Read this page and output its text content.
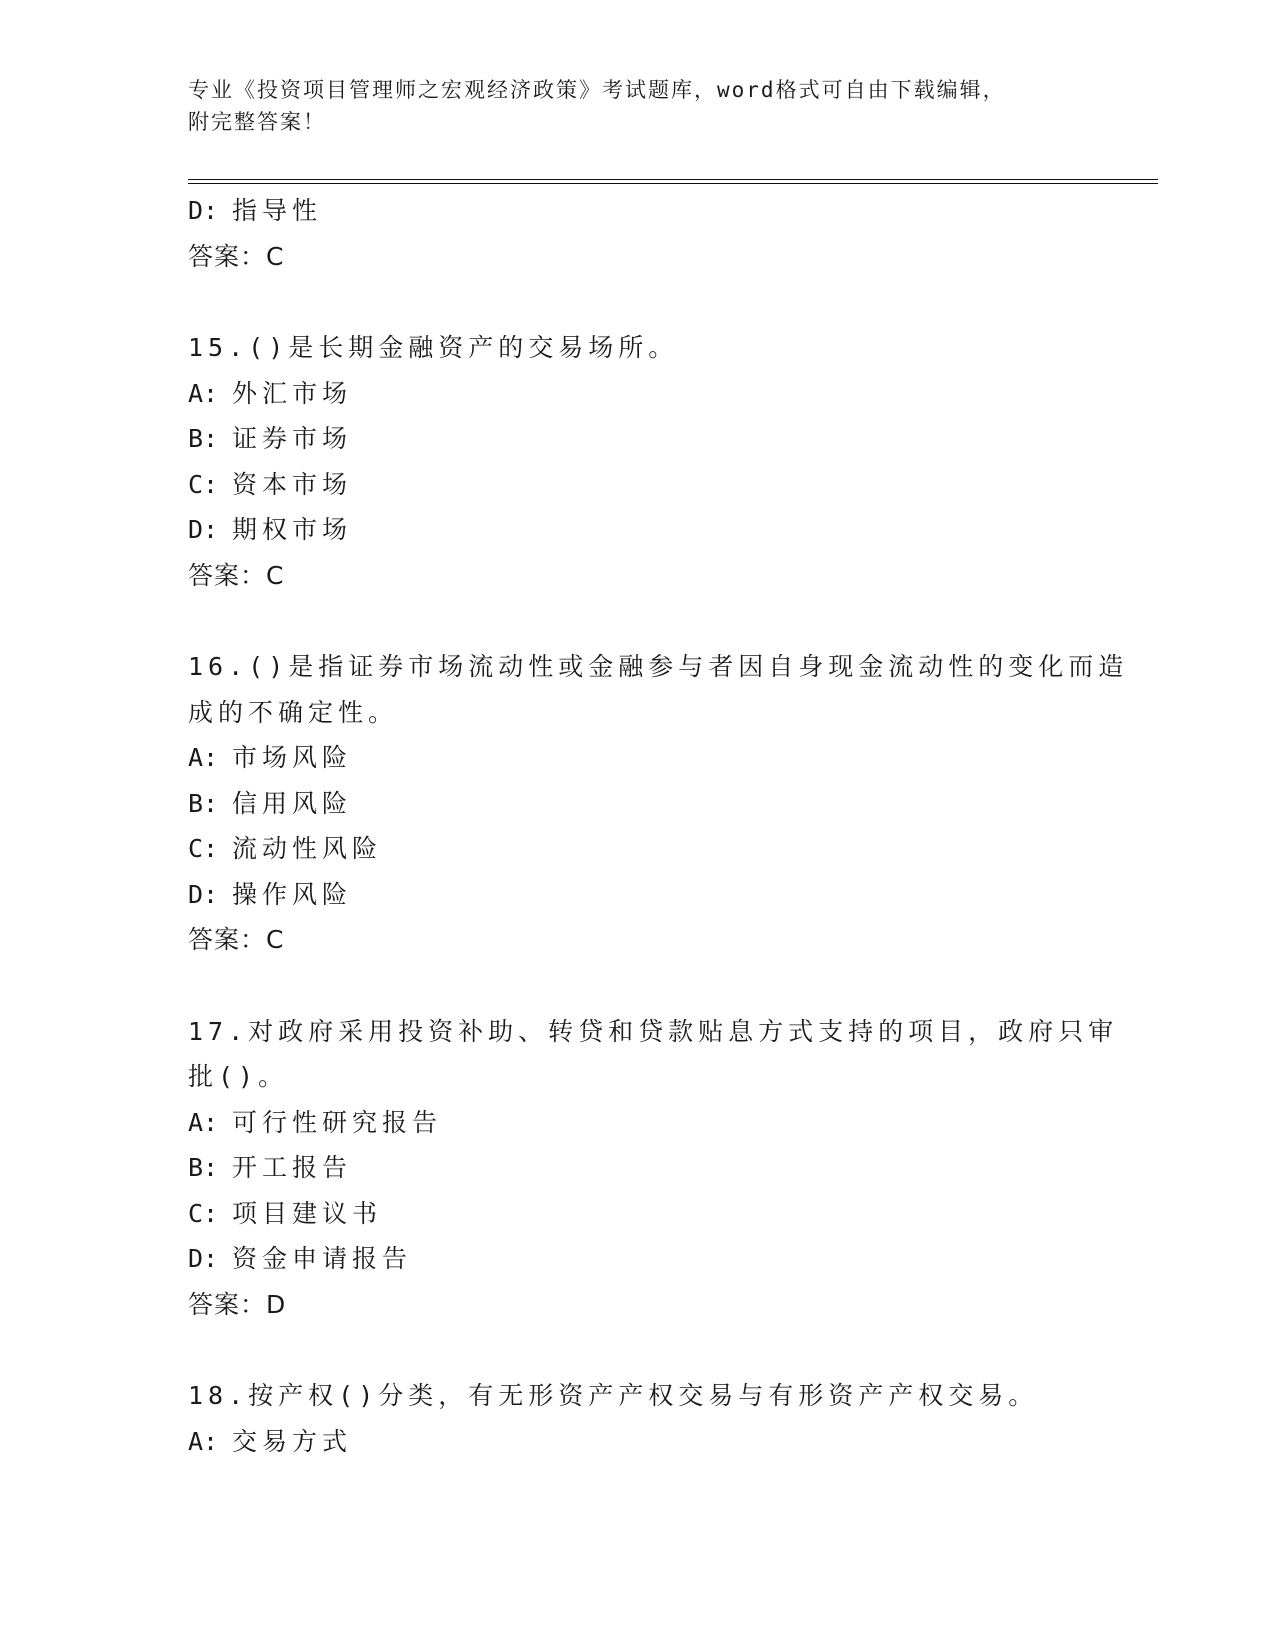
专业《投资项目管理师之宏观经济政策》考试题库，word格式可自由下载编辑，
附完整答案！
D: 指导性
答案：C
15.()是长期金融资产的交易场所。
A: 外汇市场
B: 证券市场
C: 资本市场
D: 期权市场
答案：C
16.()是指证券市场流动性或金融参与者因自身现金流动性的变化而造
成的不确定性。
A: 市场风险
B: 信用风险
C: 流动性风险
D: 操作风险
答案：C
17.对政府采用投资补助、转贷和贷款贴息方式支持的项目，政府只审
批()。
A: 可行性研究报告
B: 开工报告
C: 项目建议书
D: 资金申请报告
答案：D
18.按产权()分类，有无形资产产权交易与有形资产产权交易。
A: 交易方式
